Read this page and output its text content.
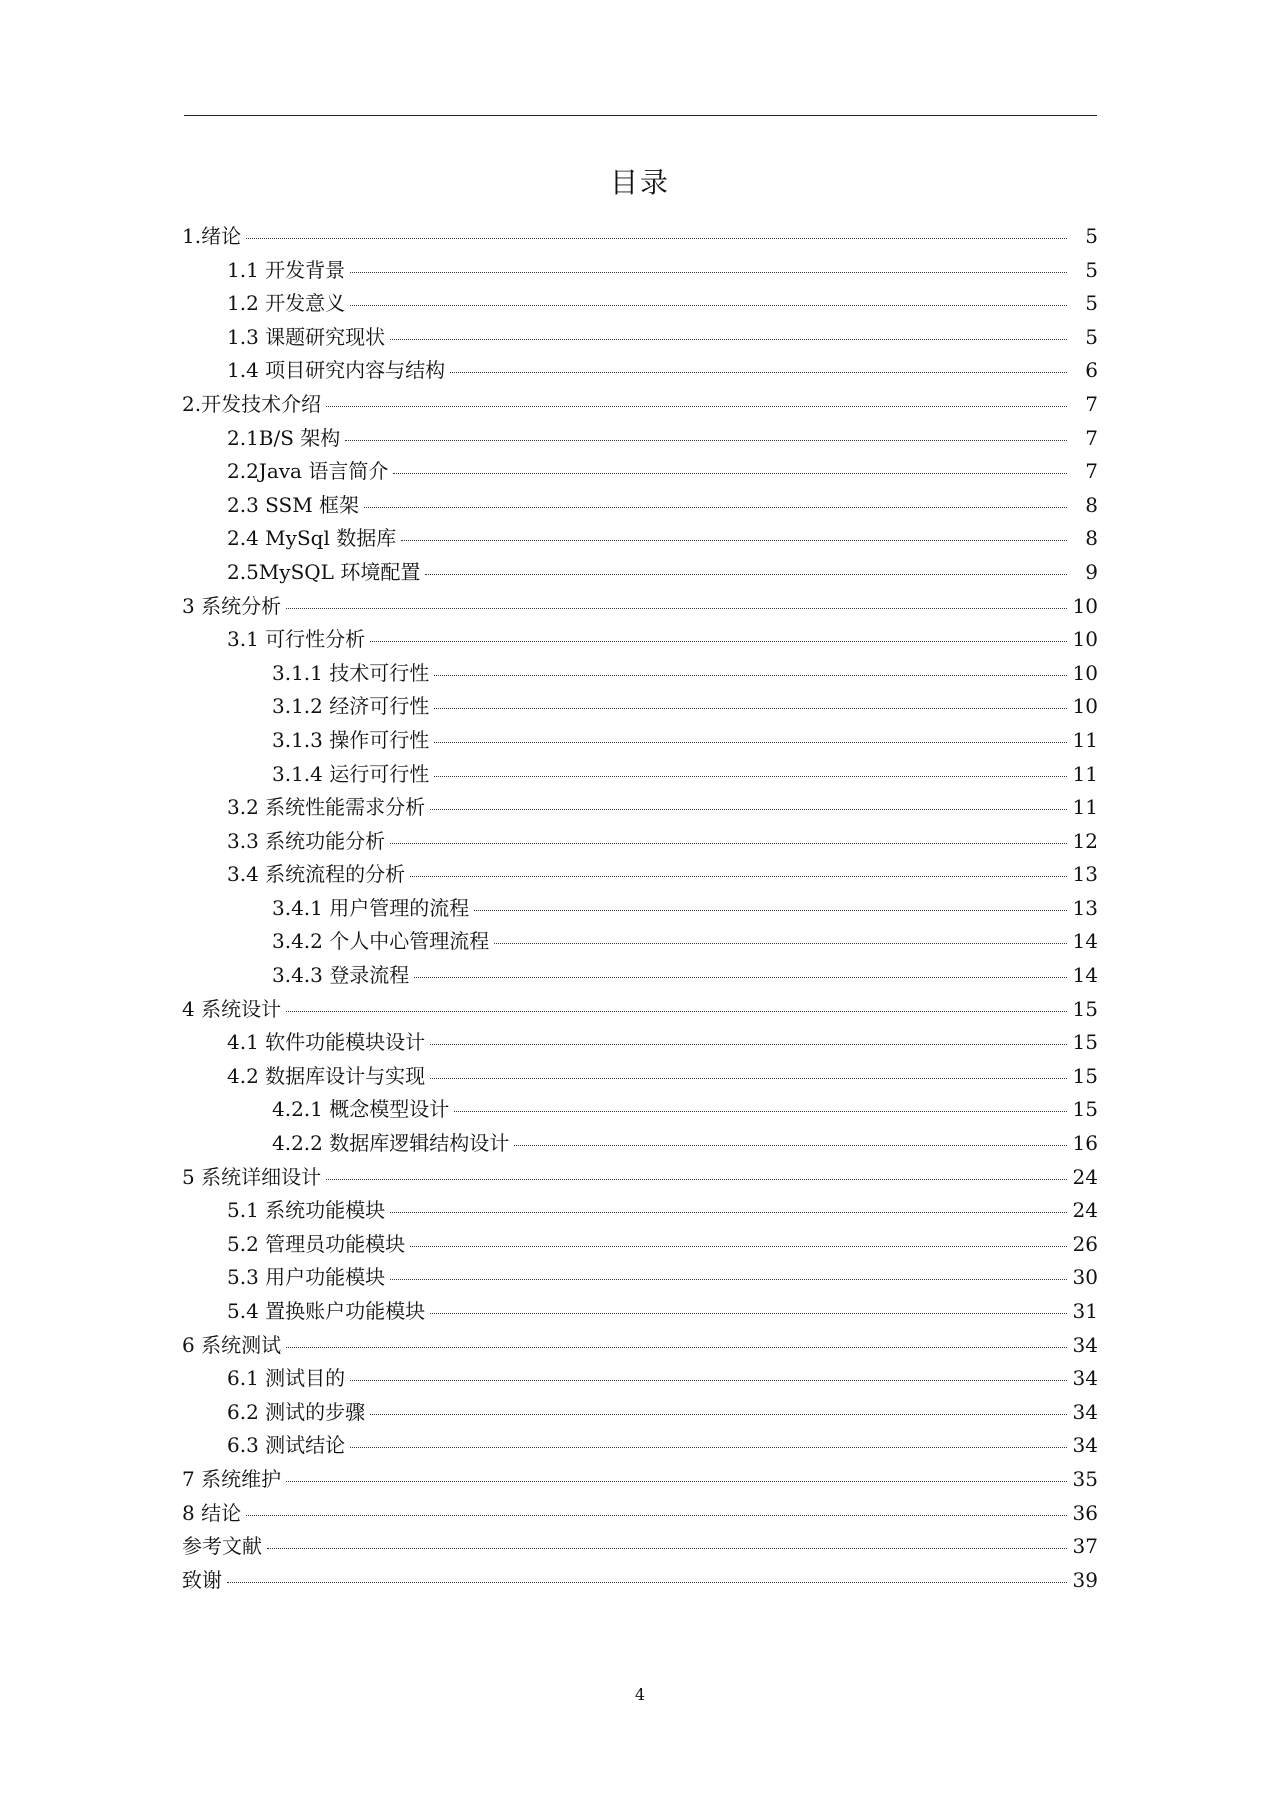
目录
1.绪论	5
1.1 开发背景	5
1.2 开发意义	5
1.3 课题研究现状	5
1.4 项目研究内容与结构	6
2.开发技术介绍	7
2.1B/S 架构	7
2.2Java 语言简介	7
2.3 SSM 框架	8
2.4 MySql 数据库	8
2.5MySQL 环境配置	9
3 系统分析	10
3.1 可行性分析	10
3.1.1 技术可行性	10
3.1.2 经济可行性	10
3.1.3 操作可行性	11
3.1.4 运行可行性	11
3.2 系统性能需求分析	11
3.3 系统功能分析	12
3.4 系统流程的分析	13
3.4.1 用户管理的流程	13
3.4.2 个人中心管理流程	14
3.4.3 登录流程	14
4 系统设计	15
4.1 软件功能模块设计	15
4.2 数据库设计与实现	15
4.2.1 概念模型设计	15
4.2.2 数据库逻辑结构设计	16
5 系统详细设计	24
5.1 系统功能模块	24
5.2 管理员功能模块	26
5.3 用户功能模块	30
5.4 置换账户功能模块	31
6 系统测试	34
6.1 测试目的	34
6.2 测试的步骤	34
6.3 测试结论	34
7 系统维护	35
8 结论	36
参考文献	37
致谢	39
4
